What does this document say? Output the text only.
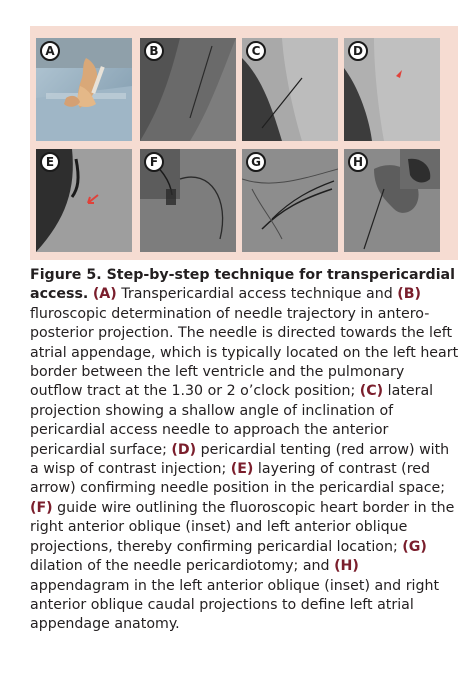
A	B	C	D
E	F	G	H
Figure 5. Step-by-step technique for transpericardial access. (A) Transpericardial access technique and (B) fluroscopic determination of needle trajectory in antero-posterior projection. The needle is directed towards the left atrial appendage, which is typically located on the left heart border between the left ventricle and the pulmonary outflow tract at the 1.30 or 2 o’clock position; (C) lateral projection showing a shallow angle of inclination of pericardial access needle to approach the anterior pericardial surface; (D) pericardial tenting (red arrow) with a wisp of contrast injection; (E) layering of contrast (red arrow) confirming needle position in the pericardial space; (F) guide wire outlining the fluoroscopic heart border in the right anterior oblique (inset) and left anterior oblique projections, thereby confirming pericardial location; (G) dilation of the needle pericardiotomy; and (H) appendagram in the left anterior oblique (inset) and right anterior oblique caudal projections to define left atrial appendage anatomy.
